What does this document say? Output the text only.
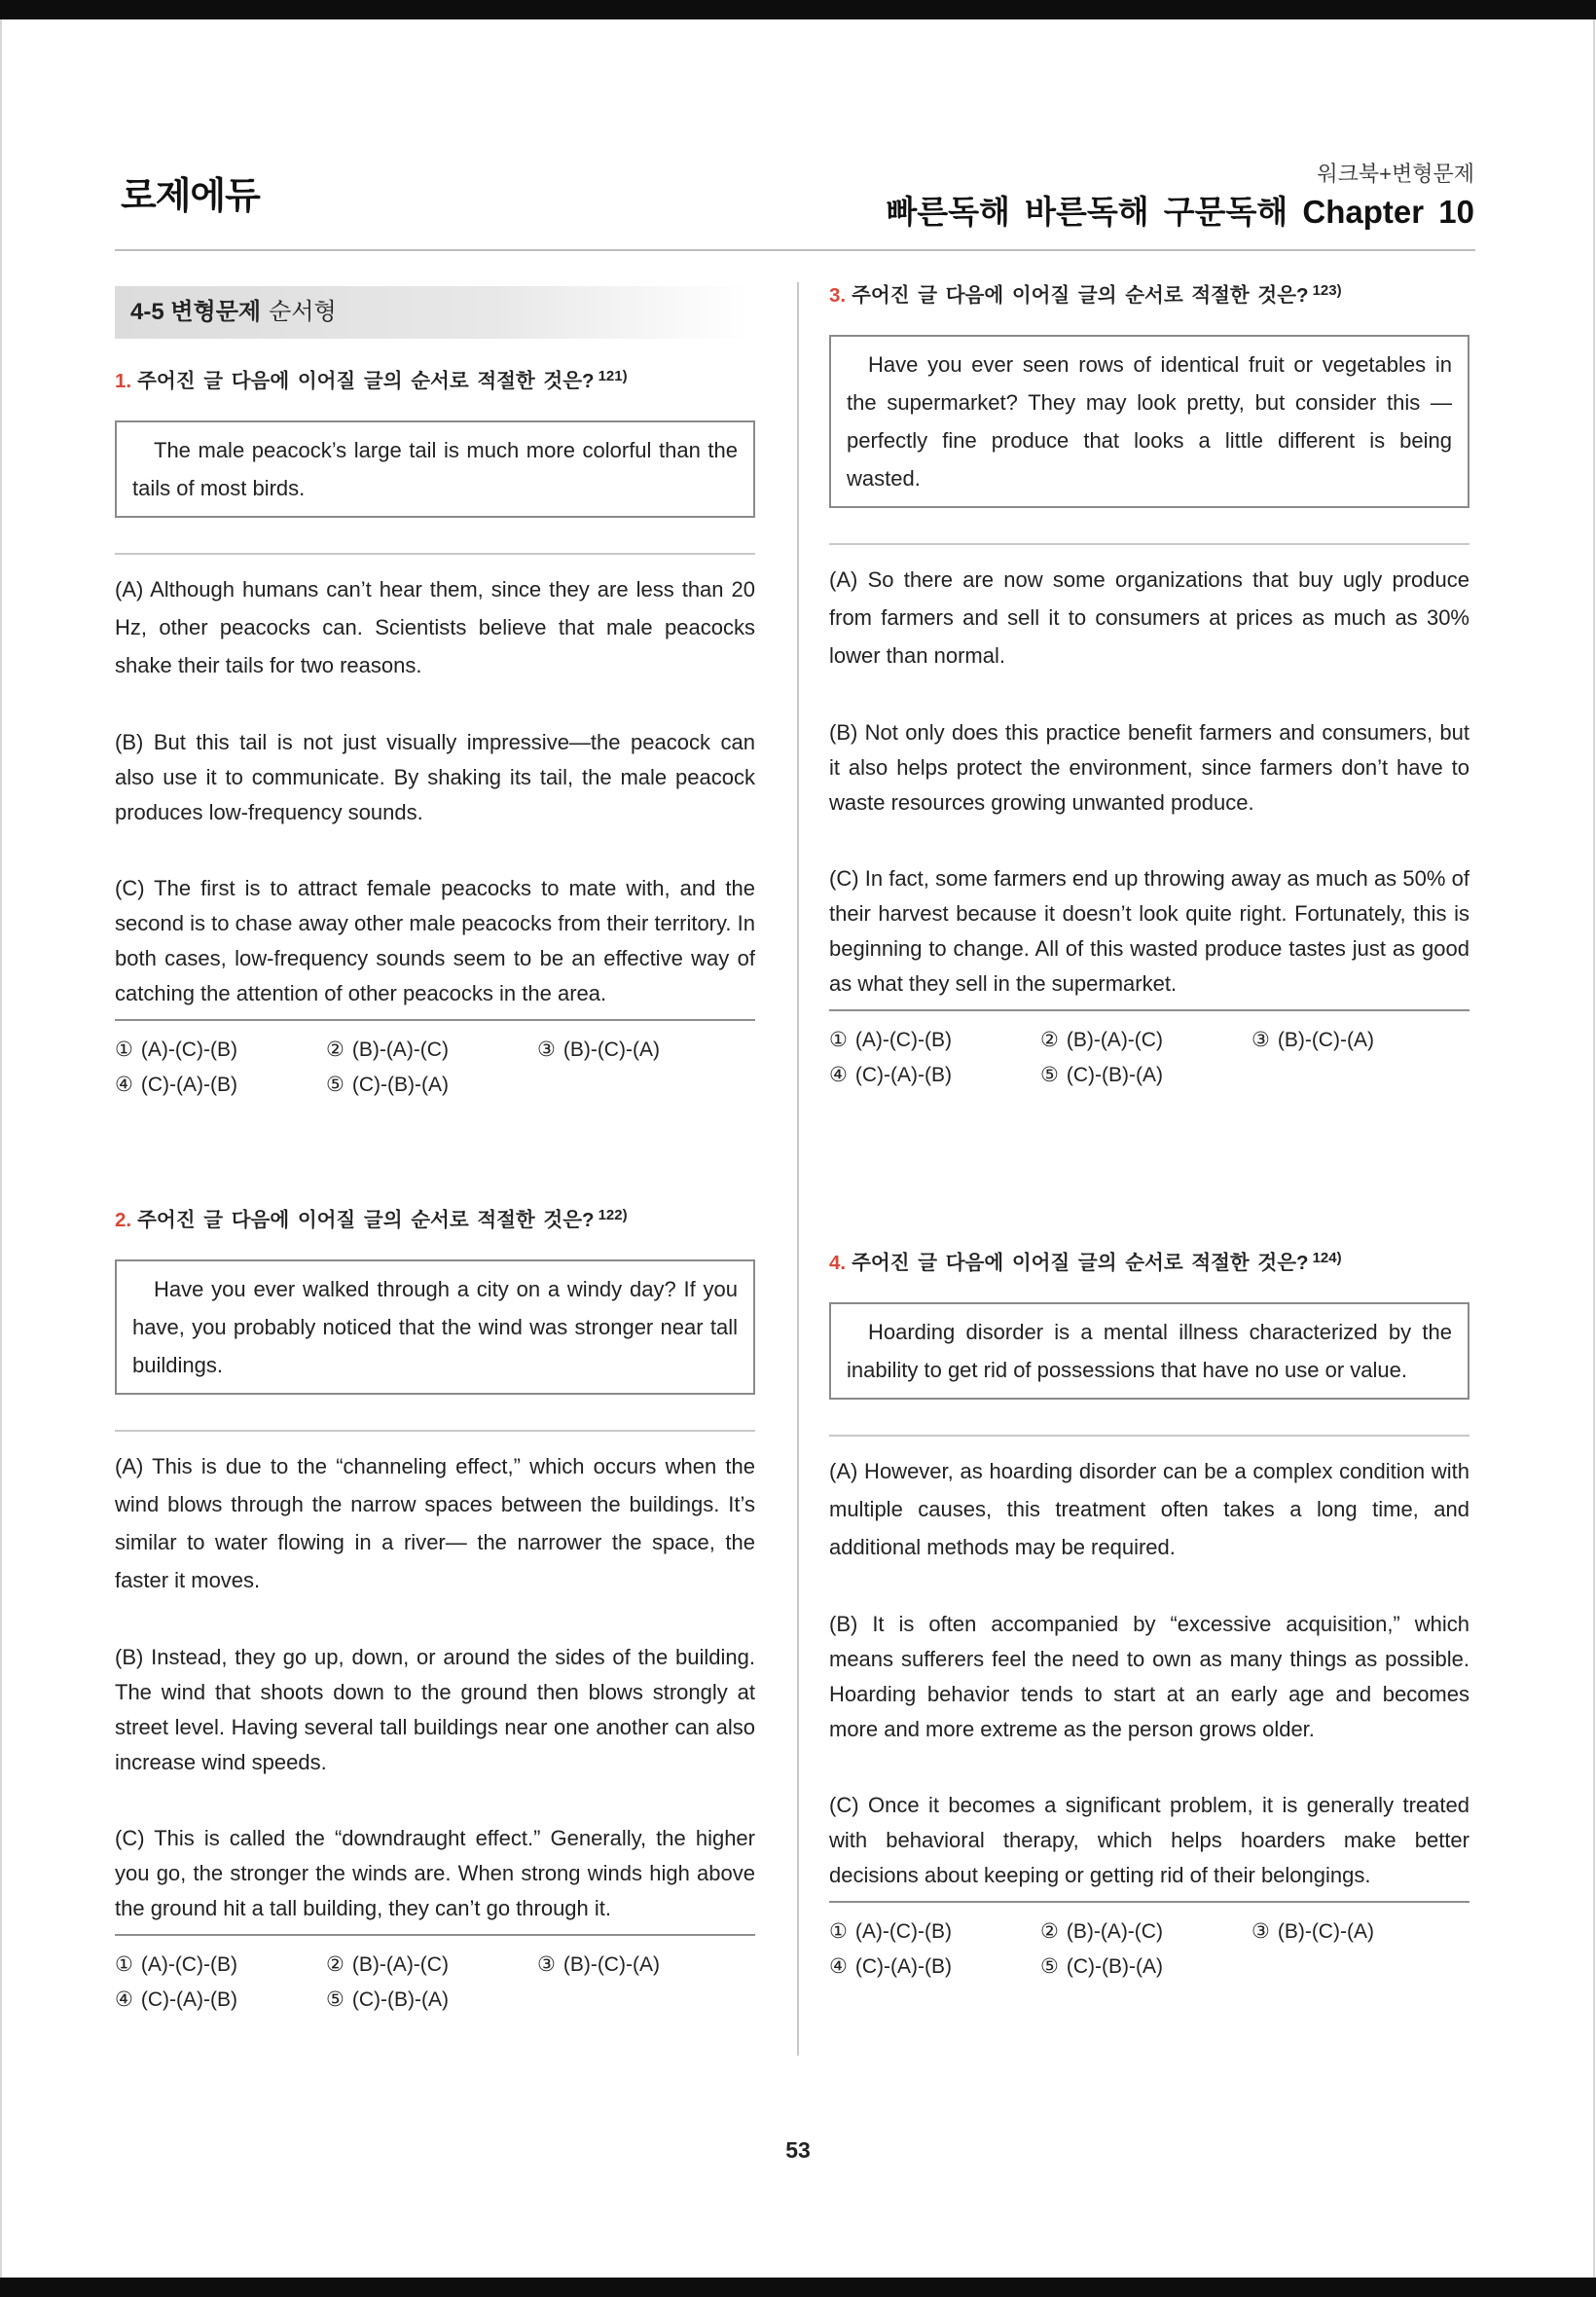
로제에듀
워크북+변형문제
빠른독해 바른독해 구문독해 Chapter 10
4-5 변형문제 순서형
1. 주어진 글 다음에 이어질 글의 순서로 적절한 것은? $^{121)}$
The male peacock’s large tail is much more colorful than the tails of most birds.
(A) Although humans can’t hear them, since they are less than 20 Hz, other peacocks can. Scientists believe that male peacocks shake their tails for two reasons.
(B) But this tail is not just visually impressive—the peacock can also use it to communicate. By shaking its tail, the male peacock produces low-frequency sounds.
(C) The first is to attract female peacocks to mate with, and the second is to chase away other male peacocks from their territory. In both cases, low-frequency sounds seem to be an effective way of catching the attention of other peacocks in the area.
① (A)-(C)-(B)	② (B)-(A)-(C)	③ (B)-(C)-(A)
④ (C)-(A)-(B)	⑤ (C)-(B)-(A)
2. 주어진 글 다음에 이어질 글의 순서로 적절한 것은? $^{122)}$
Have you ever walked through a city on a windy day? If you have, you probably noticed that the wind was stronger near tall buildings.
(A) This is due to the “channeling effect,” which occurs when the wind blows through the narrow spaces between the buildings. It’s similar to water flowing in a river— the narrower the space, the faster it moves.
(B) Instead, they go up, down, or around the sides of the building. The wind that shoots down to the ground then blows strongly at street level. Having several tall buildings near one another can also increase wind speeds.
(C) This is called the “downdraught effect.” Generally, the higher you go, the stronger the winds are. When strong winds high above the ground hit a tall building, they can’t go through it.
① (A)-(C)-(B)	② (B)-(A)-(C)	③ (B)-(C)-(A)
④ (C)-(A)-(B)	⑤ (C)-(B)-(A)
3. 주어진 글 다음에 이어질 글의 순서로 적절한 것은? $^{123)}$
Have you ever seen rows of identical fruit or vegetables in the supermarket? They may look pretty, but consider this — perfectly fine produce that looks a little different is being wasted.
(A) So there are now some organizations that buy ugly produce from farmers and sell it to consumers at prices as much as 30% lower than normal.
(B) Not only does this practice benefit farmers and consumers, but it also helps protect the environment, since farmers don’t have to waste resources growing unwanted produce.
(C) In fact, some farmers end up throwing away as much as 50% of their harvest because it doesn’t look quite right. Fortunately, this is beginning to change. All of this wasted produce tastes just as good as what they sell in the supermarket.
① (A)-(C)-(B)	② (B)-(A)-(C)	③ (B)-(C)-(A)
④ (C)-(A)-(B)	⑤ (C)-(B)-(A)
4. 주어진 글 다음에 이어질 글의 순서로 적절한 것은? $^{124)}$
Hoarding disorder is a mental illness characterized by the inability to get rid of possessions that have no use or value.
(A) However, as hoarding disorder can be a complex condition with multiple causes, this treatment often takes a long time, and additional methods may be required.
(B) It is often accompanied by “excessive acquisition,” which means sufferers feel the need to own as many things as possible. Hoarding behavior tends to start at an early age and becomes more and more extreme as the person grows older.
(C) Once it becomes a significant problem, it is generally treated with behavioral therapy, which helps hoarders make better decisions about keeping or getting rid of their belongings.
① (A)-(C)-(B)	② (B)-(A)-(C)	③ (B)-(C)-(A)
④ (C)-(A)-(B)	⑤ (C)-(B)-(A)
53
